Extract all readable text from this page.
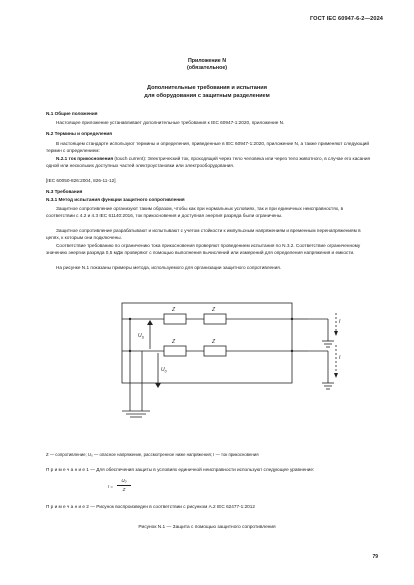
ГОСТ IEC 60947-6-2—2024
Приложение N
(обязательное)
Дополнительные требования и испытания
для оборудования с защитным разделением
N.1 Общие положения
Настоящее приложение устанавливает дополнительные требования к IEC 60947-1:2020, приложение N.
N.2 Термины и определения
В настоящем стандарте используют термины и определения, приведенные в IEC 60947-1:2020, приложение N, а также применяют следующий термин с определением:
N.2.1 ток прикосновения (touch current): Электрический ток, проходящий через тело человека или через тело животного, в случае его касания одной или нескольких доступных частей электроустановки или электрооборудования.
[IEC 60050-826:2004, 826-11-12]
N.3 Требования
N.3.1 Метод испытания функции защитного сопротивления
Защитное сопротивление организуют таким образом, чтобы как при нормальных условиях, так и при единичных неисправностях, в соответствии с 4.2 и 4.3 IEC 61140:2016, ток прикосновения и доступная энергия разряда были ограничены.
Защитное сопротивление разрабатывают и испытывают с учетом стойкости к импульсным напряжениям и временным перенапряжениям в цепях, к которым они подключены.
Соответствие требованию по ограничению тока прикосновения проверяют проведением испытания по N.3.2. Соответствие ограниченному значению энергии разряда 0,5 мДж проверяют с помощью выполнения вычислений или измерений для определения напряжения и емкости.
На рисунке N.1 показаны примеры метода, используемого для организации защитного сопротивления.
Z	Z
Z	Z
$U_S$
$U_0$
I
I
Z — сопротивление; U₀ — опасное напряжение, рассмотренное ниже напряжения; I — ток прикосновения
П р и м е ч а н и е 1 — Для обеспечения защиты в условиях единичной неисправности используют следующее уравнение:
I =
U₀
Z
П р и м е ч а н и е 2 — Рисунок воспроизведен в соответствии с рисунком А.2 IEC 62477-1:2012
Рисунок N.1 — Защита с помощью защитного сопротивления
79
